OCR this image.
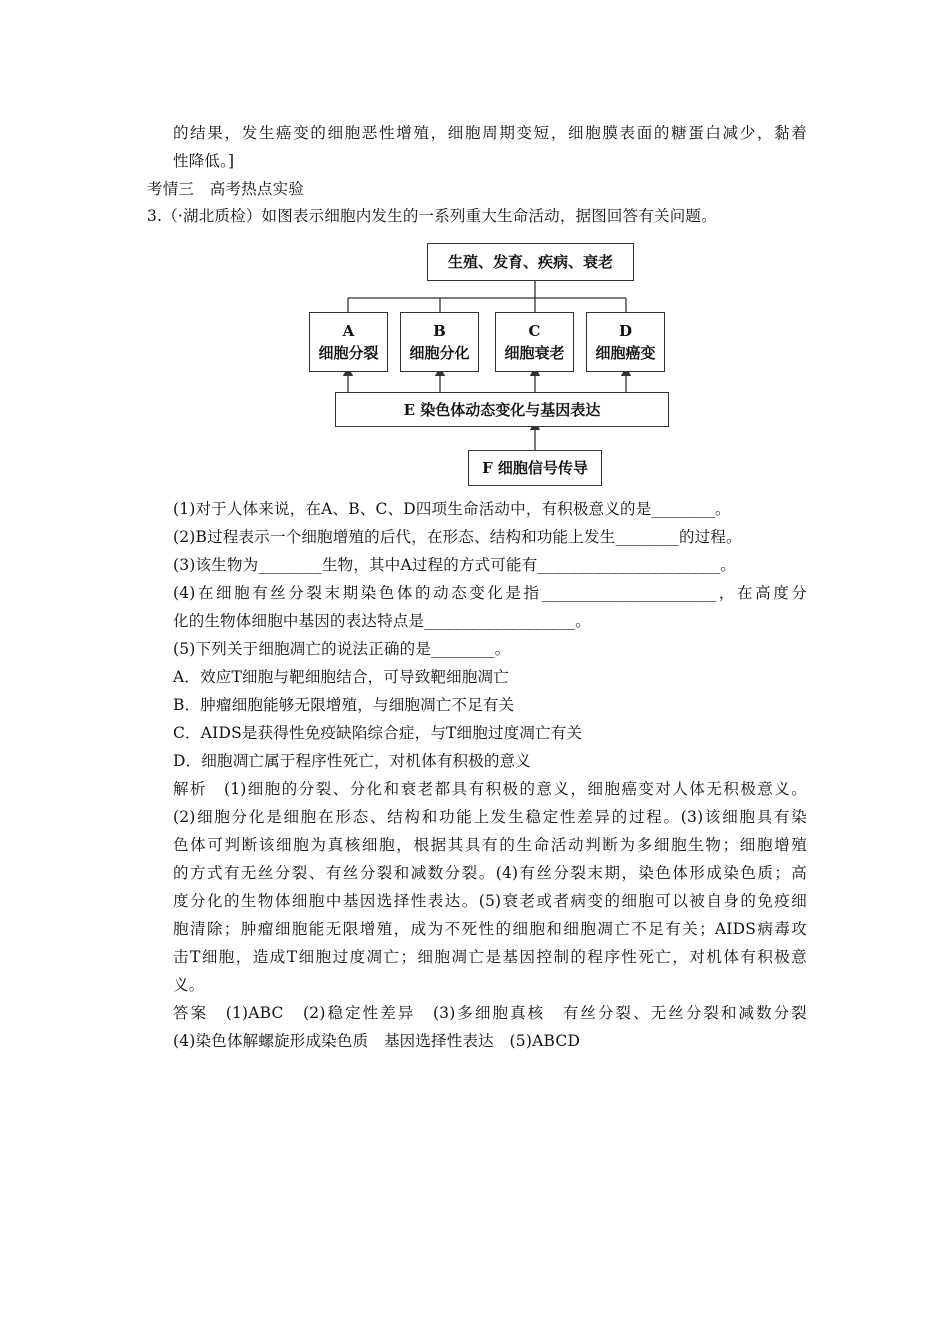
的结果，发生癌变的细胞恶性增殖，细胞周期变短，细胞膜表面的糖蛋白减少，黏着
性降低。]
考情三　高考热点实验
3.（·湖北质检）如图表示细胞内发生的一系列重大生命活动，据图回答有关问题。
生殖、发育、疾病、衰老
A
细胞分裂
B
细胞分化
C
细胞衰老
D
细胞癌变
E 染色体动态变化与基因表达
F 细胞信号传导
(1)对于人体来说，在A、B、C、D四项生命活动中，有积极意义的是________。
(2)B过程表示一个细胞增殖的后代，在形态、结构和功能上发生________的过程。
(3)该生物为________生物，其中A过程的方式可能有_______________________。
(4)在细胞有丝分裂末期染色体的动态变化是指______________________，在高度分
化的生物体细胞中基因的表达特点是___________________。
(5)下列关于细胞凋亡的说法正确的是________。
A．效应T细胞与靶细胞结合，可导致靶细胞凋亡
B．肿瘤细胞能够无限增殖，与细胞凋亡不足有关
C．AIDS是获得性免疫缺陷综合症，与T细胞过度凋亡有关
D．细胞凋亡属于程序性死亡，对机体有积极的意义
解析　(1)细胞的分裂、分化和衰老都具有积极的意义，细胞癌变对人体无积极意义。
(2)细胞分化是细胞在形态、结构和功能上发生稳定性差异的过程。(3)该细胞具有染
色体可判断该细胞为真核细胞，根据其具有的生命活动判断为多细胞生物；细胞增殖
的方式有无丝分裂、有丝分裂和减数分裂。(4)有丝分裂末期，染色体形成染色质；高
度分化的生物体细胞中基因选择性表达。(5)衰老或者病变的细胞可以被自身的免疫细
胞清除；肿瘤细胞能无限增殖，成为不死性的细胞和细胞凋亡不足有关；AIDS病毒攻
击T细胞，造成T细胞过度凋亡；细胞凋亡是基因控制的程序性死亡，对机体有积极意
义。
答案　(1)ABC　(2)稳定性差异　(3)多细胞真核　有丝分裂、无丝分裂和减数分裂
(4)染色体解螺旋形成染色质　基因选择性表达　(5)ABCD
